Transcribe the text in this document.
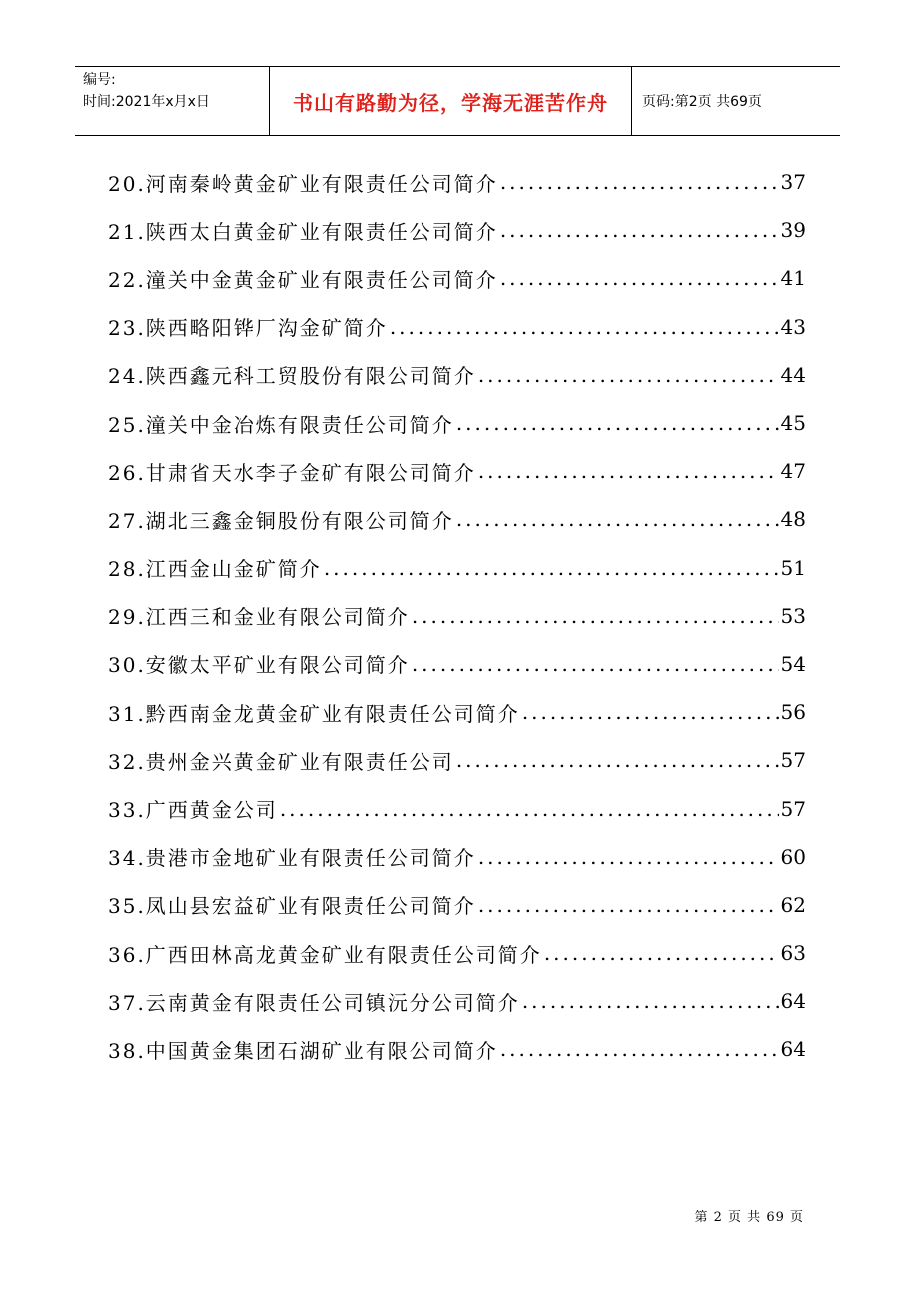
编号:
时间:2021年x月x日	书山有路勤为径，学海无涯苦作舟	页码:第2页 共69页
20.河南秦岭黄金矿业有限责任公司简介 .....	37
21.陕西太白黄金矿业有限责任公司简介 .....	39
22.潼关中金黄金矿业有限责任公司简介 .....	41
23.陕西略阳铧厂沟金矿简介 .....	43
24.陕西鑫元科工贸股份有限公司简介 .....	44
25.潼关中金冶炼有限责任公司简介 .....	45
26.甘肃省天水李子金矿有限公司简介 .....	47
27.湖北三鑫金铜股份有限公司简介 .....	48
28.江西金山金矿简介 .....	51
29.江西三和金业有限公司简介 .....	53
30.安徽太平矿业有限公司简介 .....	54
31.黔西南金龙黄金矿业有限责任公司简介 .....	56
32.贵州金兴黄金矿业有限责任公司 .....	57
33.广西黄金公司 .....	57
34.贵港市金地矿业有限责任公司简介 .....	60
35.凤山县宏益矿业有限责任公司简介 .....	62
36.广西田林高龙黄金矿业有限责任公司简介 .....	63
37.云南黄金有限责任公司镇沅分公司简介 .....	64
38.中国黄金集团石湖矿业有限公司简介 .....	64
第 2 页 共 69 页
